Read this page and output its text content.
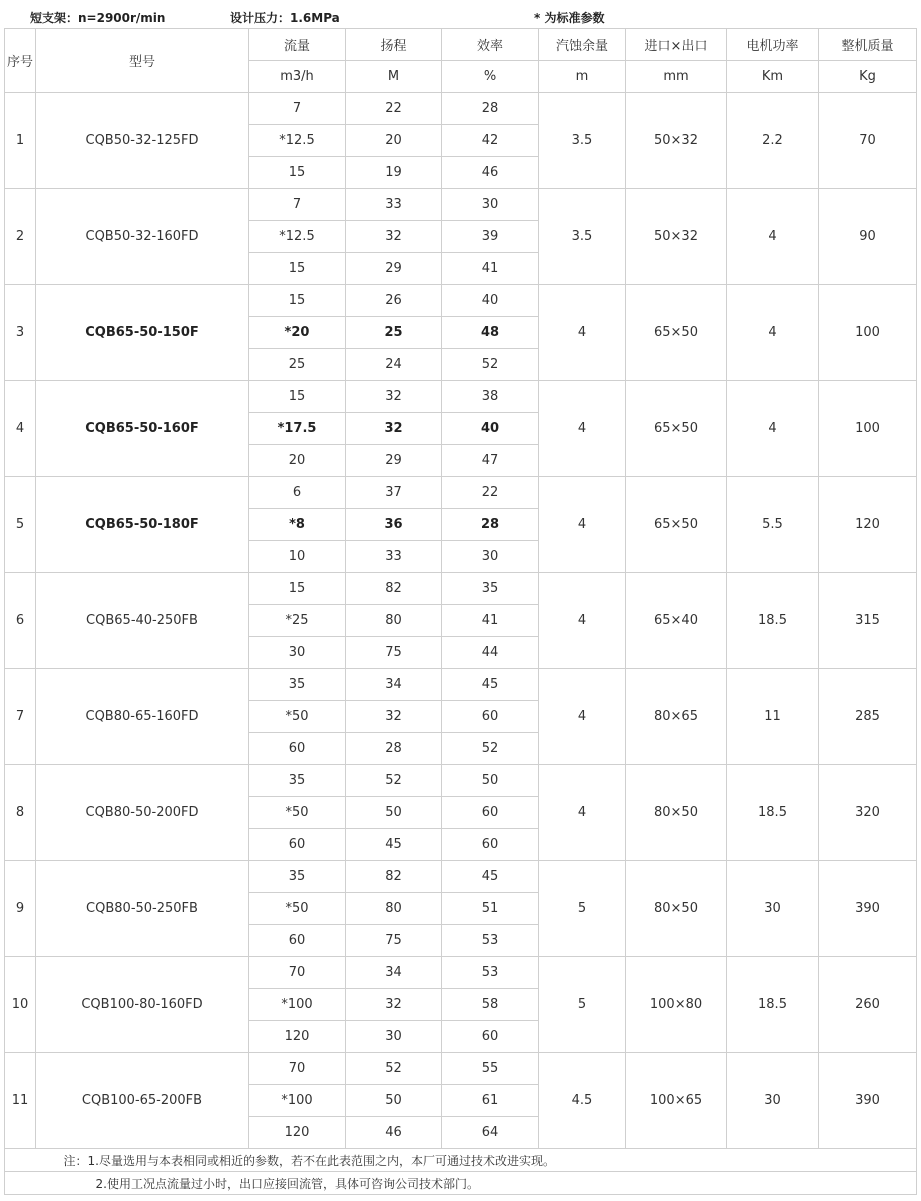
短支架：n=2900r/min	设计压力：1.6MPa	* 为标准参数
序号	型号	流量	扬程	效率	汽蚀余量	进口×出口	电机功率	整机质量
		m3/h	M	%	m	mm	Km	Kg
1	CQB50-32-125FD	7	22	28	3.5	50×32	2.2	70
		*12.5	20	42				
		15	19	46				
2	CQB50-32-160FD	7	33	30	3.5	50×32	4	90
		*12.5	32	39				
		15	29	41				
3	CQB65-50-150F	15	26	40	4	65×50	4	100
		*20	25	48				
		25	24	52				
4	CQB65-50-160F	15	32	38	4	65×50	4	100
		*17.5	32	40				
		20	29	47				
5	CQB65-50-180F	6	37	22	4	65×50	5.5	120
		*8	36	28				
		10	33	30				
6	CQB65-40-250FB	15	82	35	4	65×40	18.5	315
		*25	80	41				
		30	75	44				
7	CQB80-65-160FD	35	34	45	4	80×65	11	285
		*50	32	60				
		60	28	52				
8	CQB80-50-200FD	35	52	50	4	80×50	18.5	320
		*50	50	60				
		60	45	60				
9	CQB80-50-250FB	35	82	45	5	80×50	30	390
		*50	80	51				
		60	75	53				
10	CQB100-80-160FD	70	34	53	5	100×80	18.5	260
		*100	32	58				
		120	30	60				
11	CQB100-65-200FB	70	52	55	4.5	100×65	30	390
		*100	50	61				
		120	46	64				
	注：1.尽量选用与本表相同或相近的参数，若不在此表范围之内，本厂可通过技术改进实现。							
	2.使用工况点流量过小时，出口应接回流管，具体可咨询公司技术部门。							
